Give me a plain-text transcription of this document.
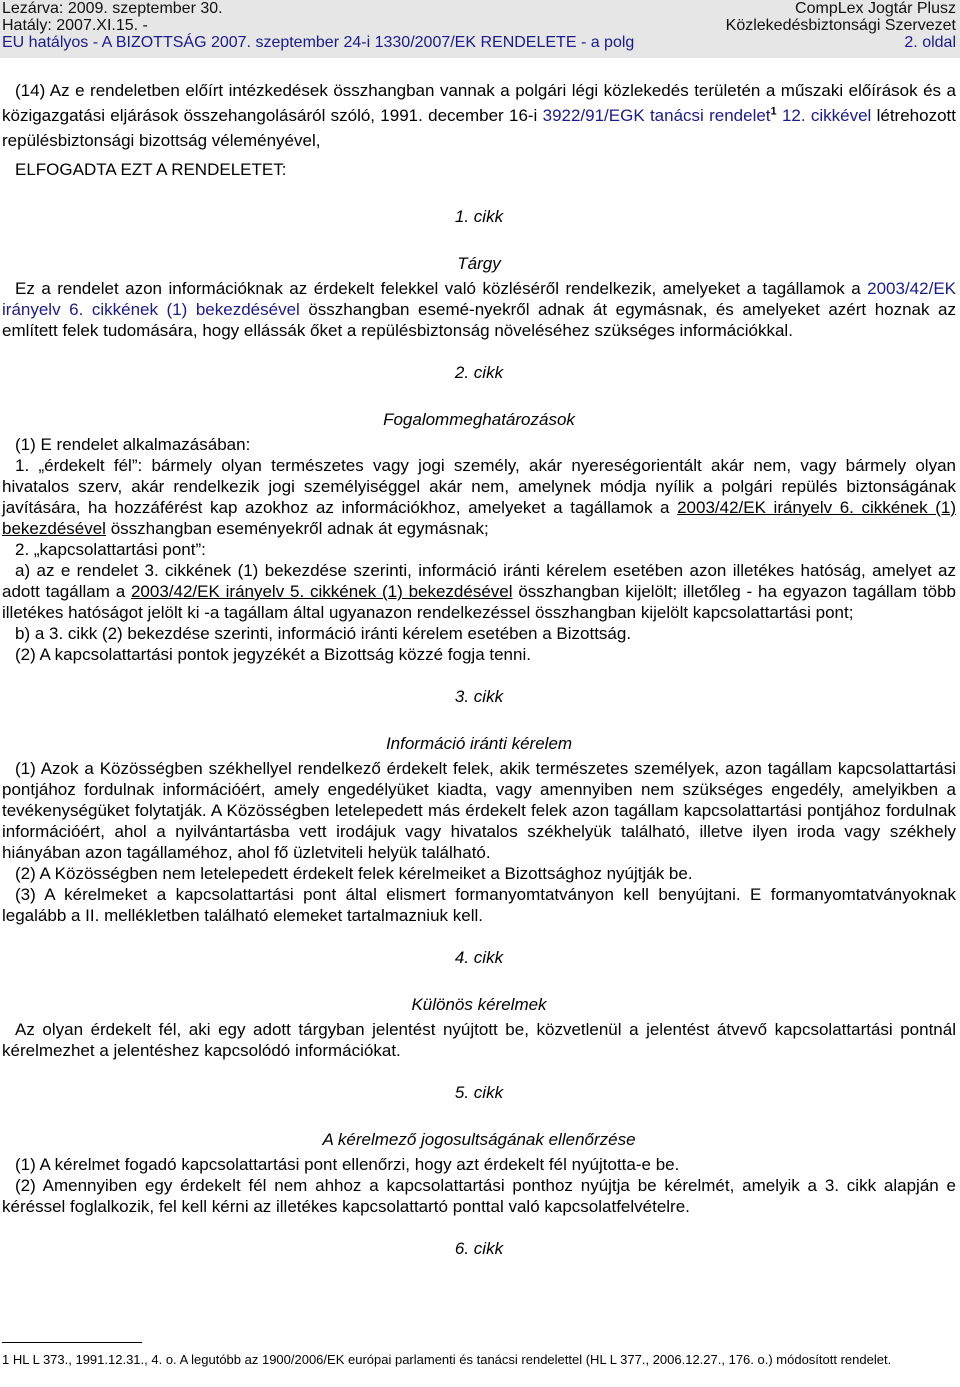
Lezárva: 2009. szeptember 30.
Hatály: 2007.XI.15. -
EU hatályos - A BIZOTTSÁG 2007. szeptember 24-i 1330/2007/EK RENDELETE - a polg
CompLex Jogtár Plusz
Közlekedésbiztonsági Szervezet
2. oldal

(14) Az e rendeletben előírt intézkedések összhangban vannak a polgári légi közlekedés területén a műszaki előírások és a közigazgatási eljárások összehangolásáról szóló, 1991. december 16-i 3922/91/EGK tanácsi rendelet$^1$ 12. cikkével létrehozott repülésbiztonsági bizottság véleményével,

ELFOGADTA EZT A RENDELETET:

1. cikk

Tárgy

Ez a rendelet azon információknak az érdekelt felekkel való közléséről rendelkezik, amelyeket a tagállamok a 2003/42/EK irányelv 6. cikkének (1) bekezdésével összhangban esemé-nyekről adnak át egymásnak, és amelyeket azért hoznak az említett felek tudomására, hogy ellássák őket a repülésbiztonság növeléséhez szükséges információkkal.

2. cikk

Fogalommeghatározások

(1) E rendelet alkalmazásában:

1. „érdekelt fél”: bármely olyan természetes vagy jogi személy, akár nyereségorientált akár nem, vagy bármely olyan hivatalos szerv, akár rendelkezik jogi személyiséggel akár nem, amelynek módja nyílik a polgári repülés biztonságának javítására, ha hozzáférést kap azokhoz az információkhoz, amelyeket a tagállamok a 2003/42/EK irányelv 6. cikkének (1) bekezdésével összhangban eseményekről adnak át egymásnak;

2. „kapcsolattartási pont”:

a) az e rendelet 3. cikkének (1) bekezdése szerinti, információ iránti kérelem esetében azon illetékes hatóság, amelyet az adott tagállam a 2003/42/EK irányelv 5. cikkének (1) bekezdésével összhangban kijelölt; illetőleg - ha egyazon tagállam több illetékes hatóságot jelölt ki -a tagállam által ugyanazon rendelkezéssel összhangban kijelölt kapcsolattartási pont;

b) a 3. cikk (2) bekezdése szerinti, információ iránti kérelem esetében a Bizottság.

(2) A kapcsolattartási pontok jegyzékét a Bizottság közzé fogja tenni.

3. cikk

Információ iránti kérelem

(1) Azok a Közösségben székhellyel rendelkező érdekelt felek, akik természetes személyek, azon tagállam kapcsolattartási pontjához fordulnak információért, amely engedélyüket kiadta, vagy amennyiben nem szükséges engedély, amelyikben a tevékenységüket folytatják. A Közösségben letelepedett más érdekelt felek azon tagállam kapcsolattartási pontjához fordulnak információért, ahol a nyilvántartásba vett irodájuk vagy hivatalos székhelyük található, illetve ilyen iroda vagy székhely hiányában azon tagállaméhoz, ahol fő üzletviteli helyük található.

(2) A Közösségben nem letelepedett érdekelt felek kérelmeiket a Bizottsághoz nyújtják be.

(3) A kérelmeket a kapcsolattartási pont által elismert formanyomtatványon kell benyújtani. E formanyomtatványoknak legalább a II. mellékletben található elemeket tartalmazniuk kell.

4. cikk

Különös kérelmek

Az olyan érdekelt fél, aki egy adott tárgyban jelentést nyújtott be, közvetlenül a jelentést átvevő kapcsolattartási pontnál kérelmezhet a jelentéshez kapcsolódó információkat.

5. cikk

A kérelmező jogosultságának ellenőrzése

(1) A kérelmet fogadó kapcsolattartási pont ellenőrzi, hogy azt érdekelt fél nyújtotta-e be.

(2) Amennyiben egy érdekelt fél nem ahhoz a kapcsolattartási ponthoz nyújtja be kérelmét, amelyik a 3. cikk alapján e kéréssel foglalkozik, fel kell kérni az illetékes kapcsolattartó ponttal való kapcsolatfelvételre.

6. cikk

1 HL L 373., 1991.12.31., 4. o. A legutóbb az 1900/2006/EK európai parlamenti és tanácsi rendelettel (HL L 377., 2006.12.27., 176. o.) módosított rendelet.
